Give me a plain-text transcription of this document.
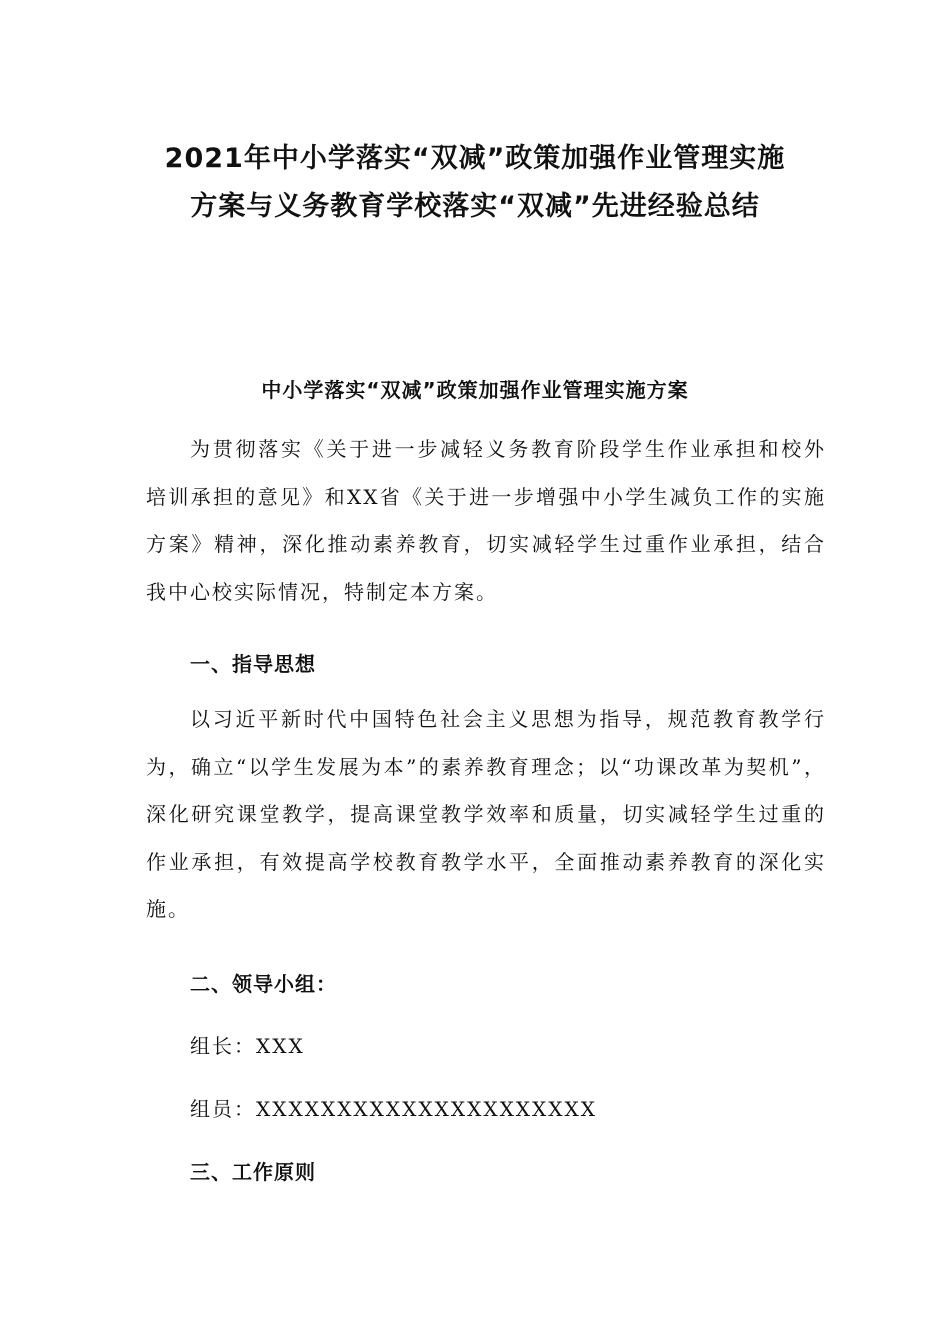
2021年中小学落实“双减”政策加强作业管理实施
方案与义务教育学校落实“双减”先进经验总结
中小学落实“双减”政策加强作业管理实施方案

为贯彻落实《关于进一步减轻义务教育阶段学生作业承担和校外培训承担的意见》和XX省《关于进一步增强中小学生减负工作的实施方案》精神，深化推动素养教育，切实减轻学生过重作业承担，结合我中心校实际情况，特制定本方案。

一、指导思想

以习近平新时代中国特色社会主义思想为指导，规范教育教学行为，确立“以学生发展为本”的素养教育理念；以“功课改革为契机”，深化研究课堂教学，提高课堂教学效率和质量，切实减轻学生过重的作业承担，有效提高学校教育教学水平，全面推动素养教育的深化实施。

二、领导小组：
组长：XXX
组员：XXXXXXXXXXXXXXXXXXXXX
三、工作原则
